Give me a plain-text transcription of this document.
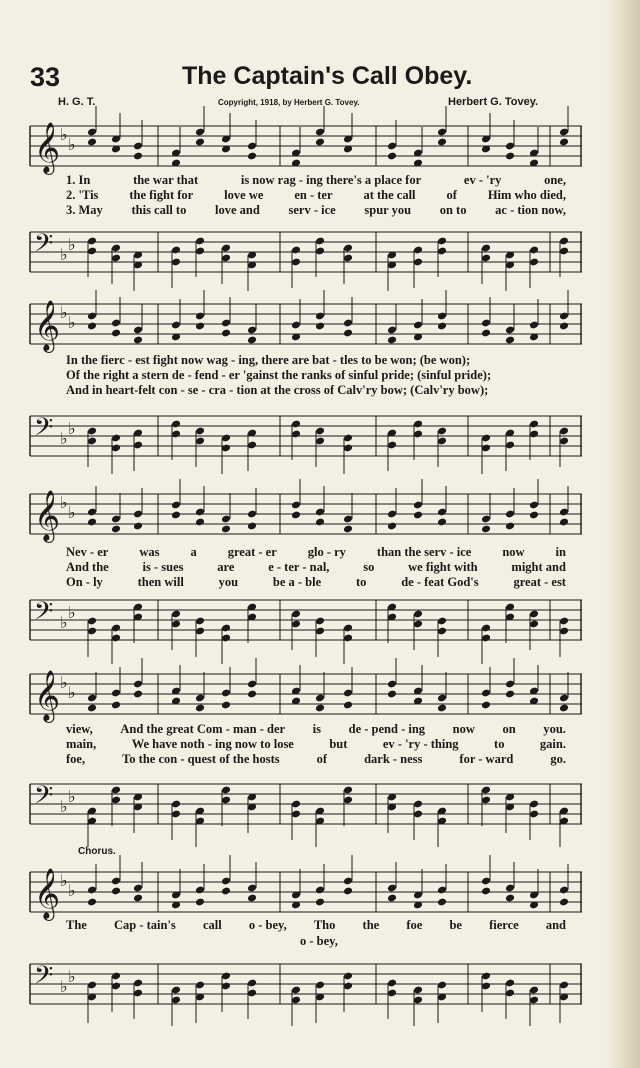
33	The Captain's Call Obey.
H. G. T.	Copyright, 1918, by Herbert G. Tovey.	Herbert G. Tovey.
𝄞 ♭
♭
𝄢 ♭
♭
1. In	the war that	is now rag - ing there's a place for	ev - 'ry	one,
2. 'Tis the fight for love we en - ter at the call of Him who died,
3. May this call to love and serv - ice spur you on to ac - tion now,
𝄞 ♭
♭
𝄢 ♭
♭
In the fierc - est fight now wag - ing, there are bat - tles to be won; (be won);
Of the right a stern de - fend - er 'gainst the ranks of sinful pride; (sinful pride);
And in heart-felt con - se - cra - tion at the cross of Calv'ry bow; (Calv'ry bow);
𝄞 ♭
♭
𝄢 ♭
♭
Nev - er was a great - er glo - ry than the serv - ice now in
And the	is - sues	are	e - ter - nal,	so	we fight with	might and
On - ly	then will	you	be a - ble	to	de - feat God's	great - est
𝄞 ♭
♭
𝄢 ♭
♭
view, And the great Com - man - der is de - pend - ing now on you.
main,	We have noth - ing now to lose	but	ev - 'ry - thing	to	gain.
foe,	To the con - quest of the hosts	of	dark - ness	for - ward	go.
Chorus.
𝄞 ♭
♭
𝄢 ♭
♭
The Cap - tain's call o - bey, Tho the foe be fierce and
o - bey,
